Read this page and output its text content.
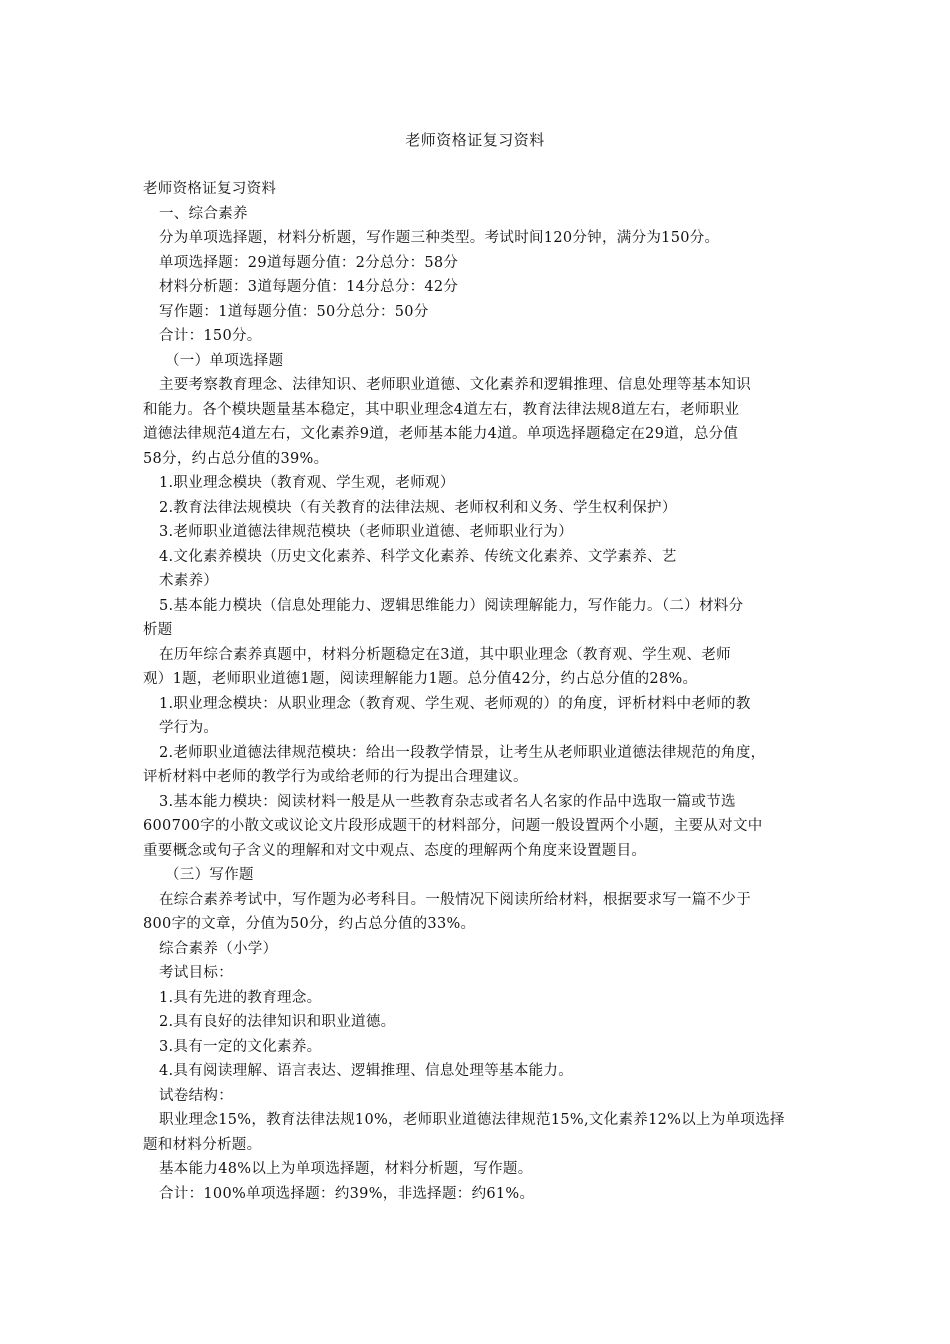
老师资格证复习资料
老师资格证复习资料
一、综合素养
分为单项选择题，材料分析题，写作题三种类型。考试时间120分钟，满分为150分。
单项选择题：29道每题分值：2分总分：58分
材料分析题：3道每题分值：14分总分：42分
写作题：1道每题分值：50分总分：50分
合计：150分。
（一）单项选择题
主要考察教育理念、法律知识、老师职业道德、文化素养和逻辑推理、信息处理等基本知识
和能力。各个模块题量基本稳定，其中职业理念4道左右，教育法律法规8道左右，老师职业
道德法律规范4道左右，文化素养9道，老师基本能力4道。单项选择题稳定在29道，总分值
58分，约占总分值的39%。
1.职业理念模块（教育观、学生观，老师观）
2.教育法律法规模块（有关教育的法律法规、老师权利和义务、学生权利保护）
3.老师职业道德法律规范模块（老师职业道德、老师职业行为）
4.文化素养模块（历史文化素养、科学文化素养、传统文化素养、文学素养、艺
术素养）
5.基本能力模块（信息处理能力、逻辑思维能力）阅读理解能力，写作能力。（二）材料分
析题
在历年综合素养真题中，材料分析题稳定在3道，其中职业理念（教育观、学生观、老师
观）1题，老师职业道德1题，阅读理解能力1题。总分值42分，约占总分值的28%。
1.职业理念模块：从职业理念（教育观、学生观、老师观的）的角度，评析材料中老师的教
学行为。
2.老师职业道德法律规范模块：给出一段教学情景，让考生从老师职业道德法律规范的角度，
评析材料中老师的教学行为或给老师的行为提出合理建议。
3.基本能力模块：阅读材料一般是从一些教育杂志或者名人名家的作品中选取一篇或节选
600700字的小散文或议论文片段形成题干的材料部分，问题一般设置两个小题，主要从对文中
重要概念或句子含义的理解和对文中观点、态度的理解两个角度来设置题目。
（三）写作题
在综合素养考试中，写作题为必考科目。一般情况下阅读所给材料，根据要求写一篇不少于
800字的文章，分值为50分，约占总分值的33%。
综合素养（小学）
考试目标：
1.具有先进的教育理念。
2.具有良好的法律知识和职业道德。
3.具有一定的文化素养。
4.具有阅读理解、语言表达、逻辑推理、信息处理等基本能力。
试卷结构：
职业理念15%，教育法律法规10%，老师职业道德法律规范15%,文化素养12%以上为单项选择
题和材料分析题。
基本能力48%以上为单项选择题，材料分析题，写作题。
合计：100%单项选择题：约39%，非选择题：约61%。
